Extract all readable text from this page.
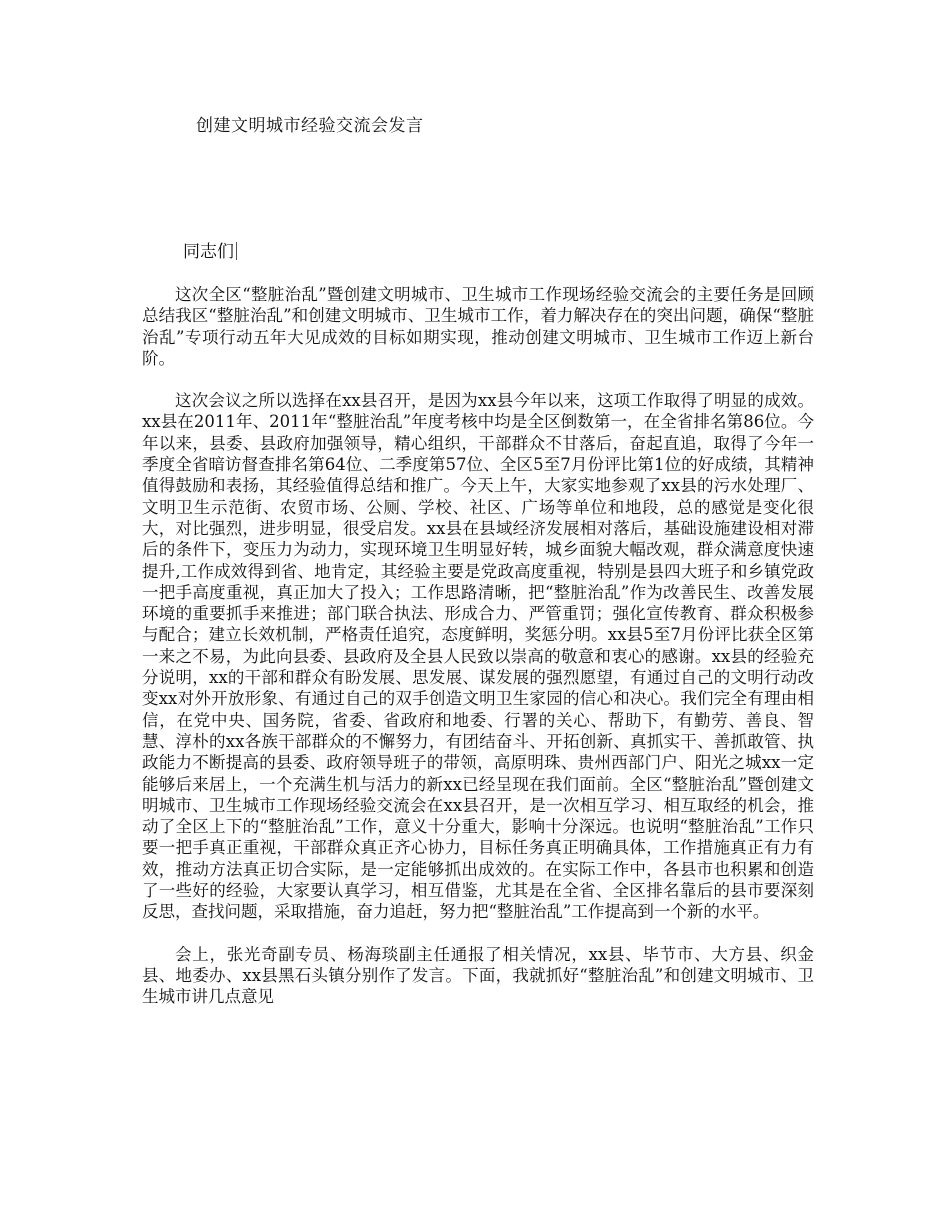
创建文明城市经验交流会发言

同志们

这次全区“整脏治乱”暨创建文明城市、卫生城市工作现场经验交流会的主要任务是回顾总结我区“整脏治乱”和创建文明城市、卫生城市工作，着力解决存在的突出问题，确保“整脏治乱”专项行动五年大见成效的目标如期实现，推动创建文明城市、卫生城市工作迈上新台阶。

这次会议之所以选择在xx县召开，是因为xx县今年以来，这项工作取得了明显的成效。xx县在2011年、2011年“整脏治乱”年度考核中均是全区倒数第一，在全省排名第86位。今年以来，县委、县政府加强领导，精心组织，干部群众不甘落后，奋起直追，取得了今年一季度全省暗访督查排名第64位、二季度第57位、全区5至7月份评比第1位的好成绩，其精神值得鼓励和表扬，其经验值得总结和推广。今天上午，大家实地参观了xx县的污水处理厂、文明卫生示范街、农贸市场、公厕、学校、社区、广场等单位和地段，总的感觉是变化很大，对比强烈，进步明显，很受启发。xx县在县域经济发展相对落后，基础设施建设相对滞后的条件下，变压力为动力，实现环境卫生明显好转，城乡面貌大幅改观，群众满意度快速提升,工作成效得到省、地肯定，其经验主要是党政高度重视，特别是县四大班子和乡镇党政一把手高度重视，真正加大了投入；工作思路清晰，把“整脏治乱”作为改善民生、改善发展环境的重要抓手来推进；部门联合执法、形成合力、严管重罚；强化宣传教育、群众积极参与配合；建立长效机制，严格责任追究，态度鲜明，奖惩分明。xx县5至7月份评比获全区第一来之不易，为此向县委、县政府及全县人民致以崇高的敬意和衷心的感谢。xx县的经验充分说明，xx的干部和群众有盼发展、思发展、谋发展的强烈愿望，有通过自己的文明行动改变xx对外开放形象、有通过自己的双手创造文明卫生家园的信心和决心。我们完全有理由相信，在党中央、国务院，省委、省政府和地委、行署的关心、帮助下，有勤劳、善良、智慧、淳朴的xx各族干部群众的不懈努力，有团结奋斗、开拓创新、真抓实干、善抓敢管、执政能力不断提高的县委、政府领导班子的带领，高原明珠、贵州西部门户、阳光之城xx一定能够后来居上，一个充满生机与活力的新xx已经呈现在我们面前。全区“整脏治乱”暨创建文明城市、卫生城市工作现场经验交流会在xx县召开，是一次相互学习、相互取经的机会，推动了全区上下的“整脏治乱”工作，意义十分重大，影响十分深远。也说明“整脏治乱”工作只要一把手真正重视，干部群众真正齐心协力，目标任务真正明确具体，工作措施真正有力有效，推动方法真正切合实际，是一定能够抓出成效的。在实际工作中，各县市也积累和创造了一些好的经验，大家要认真学习，相互借鉴，尤其是在全省、全区排名靠后的县市要深刻反思，查找问题，采取措施，奋力追赶，努力把“整脏治乱”工作提高到一个新的水平。

会上，张光奇副专员、杨海琰副主任通报了相关情况，xx县、毕节市、大方县、织金县、地委办、xx县黑石头镇分别作了发言。下面，我就抓好“整脏治乱”和创建文明城市、卫生城市讲几点意见
